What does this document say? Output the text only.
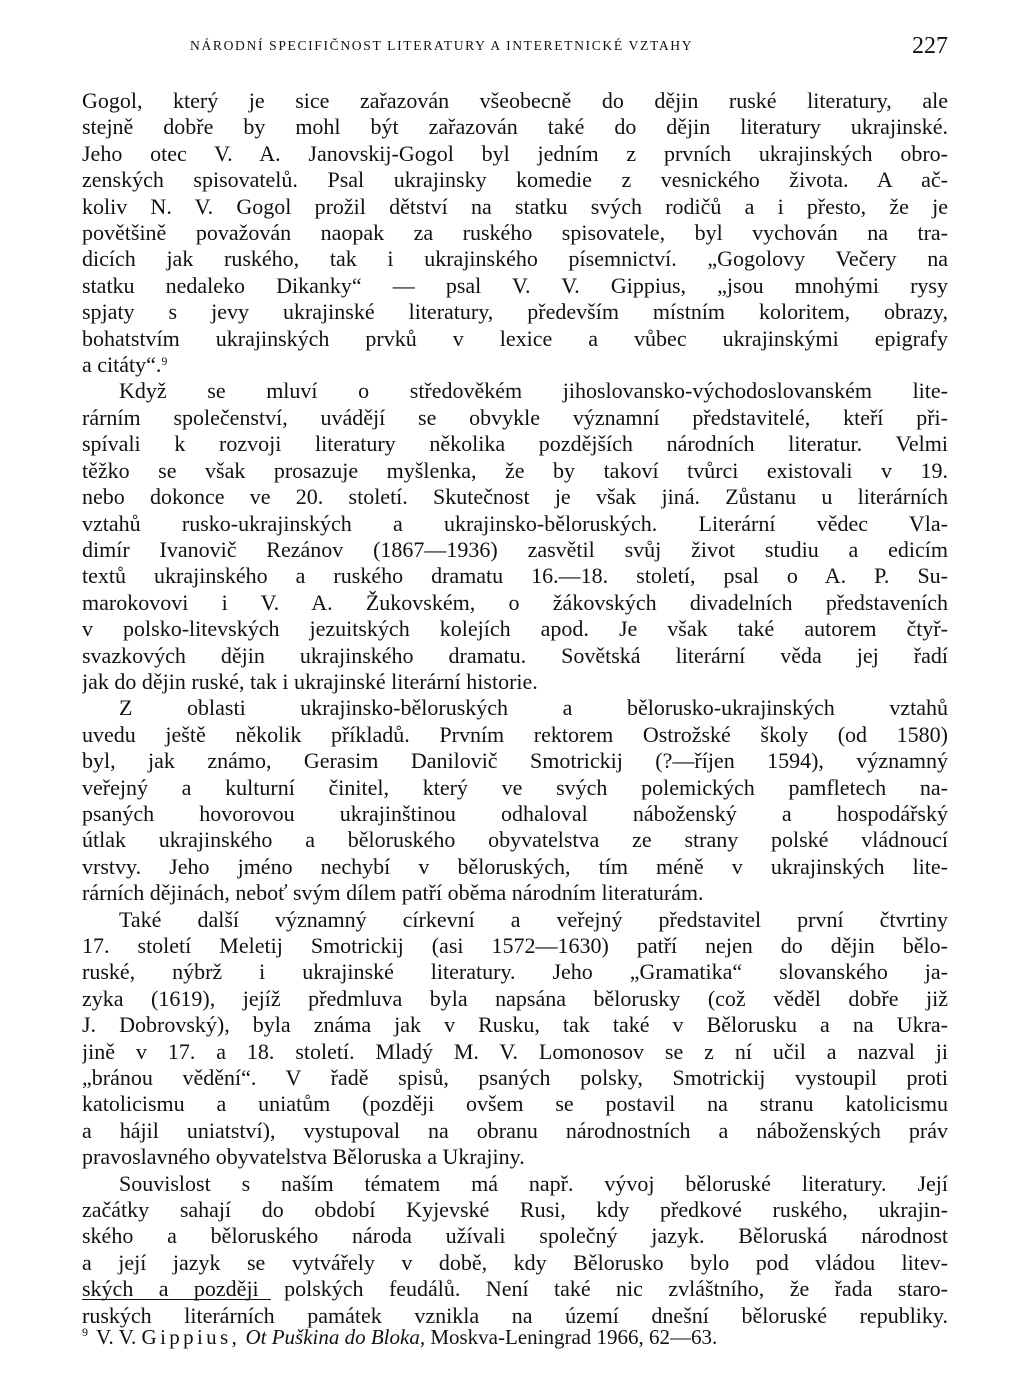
NÁRODNÍ SPECIFIČNOST LITERATURY A INTERETNICKÉ VZTAHY	227
Gogol, který je sice zařazován všeobecně do dějin ruské literatury, ale
stejně dobře by mohl být zařazován také do dějin literatury ukrajinské.
Jeho otec V. A. Janovskij-Gogol byl jedním z prvních ukrajinských obro-
zenských spisovatelů. Psal ukrajinsky komedie z vesnického života. A ač-
koliv N. V. Gogol prožil dětství na statku svých rodičů a i přesto, že je
povětšině považován naopak za ruského spisovatele, byl vychován na tra-
dicích jak ruského, tak i ukrajinského písemnictví. „Gogolovy Večery na
statku nedaleko Dikanky“ — psal V. V. Gippius, „jsou mnohými rysy
spjaty s jevy ukrajinské literatury, především místním koloritem, obrazy,
bohatstvím ukrajinských prvků v lexice a vůbec ukrajinskými epigrafy
a citáty“.$^9$
Když se mluví o středověkém jihoslovansko-východoslovanském lite-
rárním společenství, uvádějí se obvykle významní představitelé, kteří při-
spívali k rozvoji literatury několika pozdějších národních literatur. Velmi
těžko se však prosazuje myšlenka, že by takoví tvůrci existovali v 19.
nebo dokonce ve 20. století. Skutečnost je však jiná. Zůstanu u literárních
vztahů rusko-ukrajinských a ukrajinsko-běloruských. Literární vědec Vla-
dimír Ivanovič Rezánov (1867—1936) zasvětil svůj život studiu a edicím
textů ukrajinského a ruského dramatu 16.—18. století, psal o A. P. Su-
marokovovi i V. A. Žukovském, o žákovských divadelních představeních
v polsko-litevských jezuitských kolejích apod. Je však také autorem čtyř-
svazkových dějin ukrajinského dramatu. Sovětská literární věda jej řadí
jak do dějin ruské, tak i ukrajinské literární historie.
Z oblasti ukrajinsko-běloruských a bělorusko-ukrajinských vztahů
uvedu ještě několik příkladů. Prvním rektorem Ostrožské školy (od 1580)
byl, jak známo, Gerasim Danilovič Smotrickij (?—říjen 1594), významný
veřejný a kulturní činitel, který ve svých polemických pamfletech na-
psaných hovorovou ukrajinštinou odhaloval náboženský a hospodářský
útlak ukrajinského a běloruského obyvatelstva ze strany polské vládnoucí
vrstvy. Jeho jméno nechybí v běloruských, tím méně v ukrajinských lite-
rárních dějinách, neboť svým dílem patří oběma národním literaturám.
Také další významný církevní a veřejný představitel první čtvrtiny
17. století Meletij Smotrickij (asi 1572—1630) patří nejen do dějin bělo-
ruské, nýbrž i ukrajinské literatury. Jeho „Gramatika“ slovanského ja-
zyka (1619), jejíž předmluva byla napsána bělorusky (což věděl dobře již
J. Dobrovský), byla známa jak v Rusku, tak také v Bělorusku a na Ukra-
jině v 17. a 18. století. Mladý M. V. Lomonosov se z ní učil a nazval ji
„bránou vědění“. V řadě spisů, psaných polsky, Smotrickij vystoupil proti
katolicismu a uniatům (později ovšem se postavil na stranu katolicismu
a hájil uniatství), vystupoval na obranu národnostních a náboženských práv
pravoslavného obyvatelstva Běloruska a Ukrajiny.
Souvislost s naším tématem má např. vývoj běloruské literatury. Její
začátky sahají do období Kyjevské Rusi, kdy předkové ruského, ukrajin-
ského a běloruského národa užívali společný jazyk. Běloruská národnost
a její jazyk se vytvářely v době, kdy Bělorusko bylo pod vládou litev-
ských a později polských feudálů. Není také nic zvláštního, že řada staro-
ruských literárních památek vznikla na území dnešní běloruské republiky.
$^9$ V. V. Gippius, Ot Puškina do Bloka, Moskva-Leningrad 1966, 62—63.
